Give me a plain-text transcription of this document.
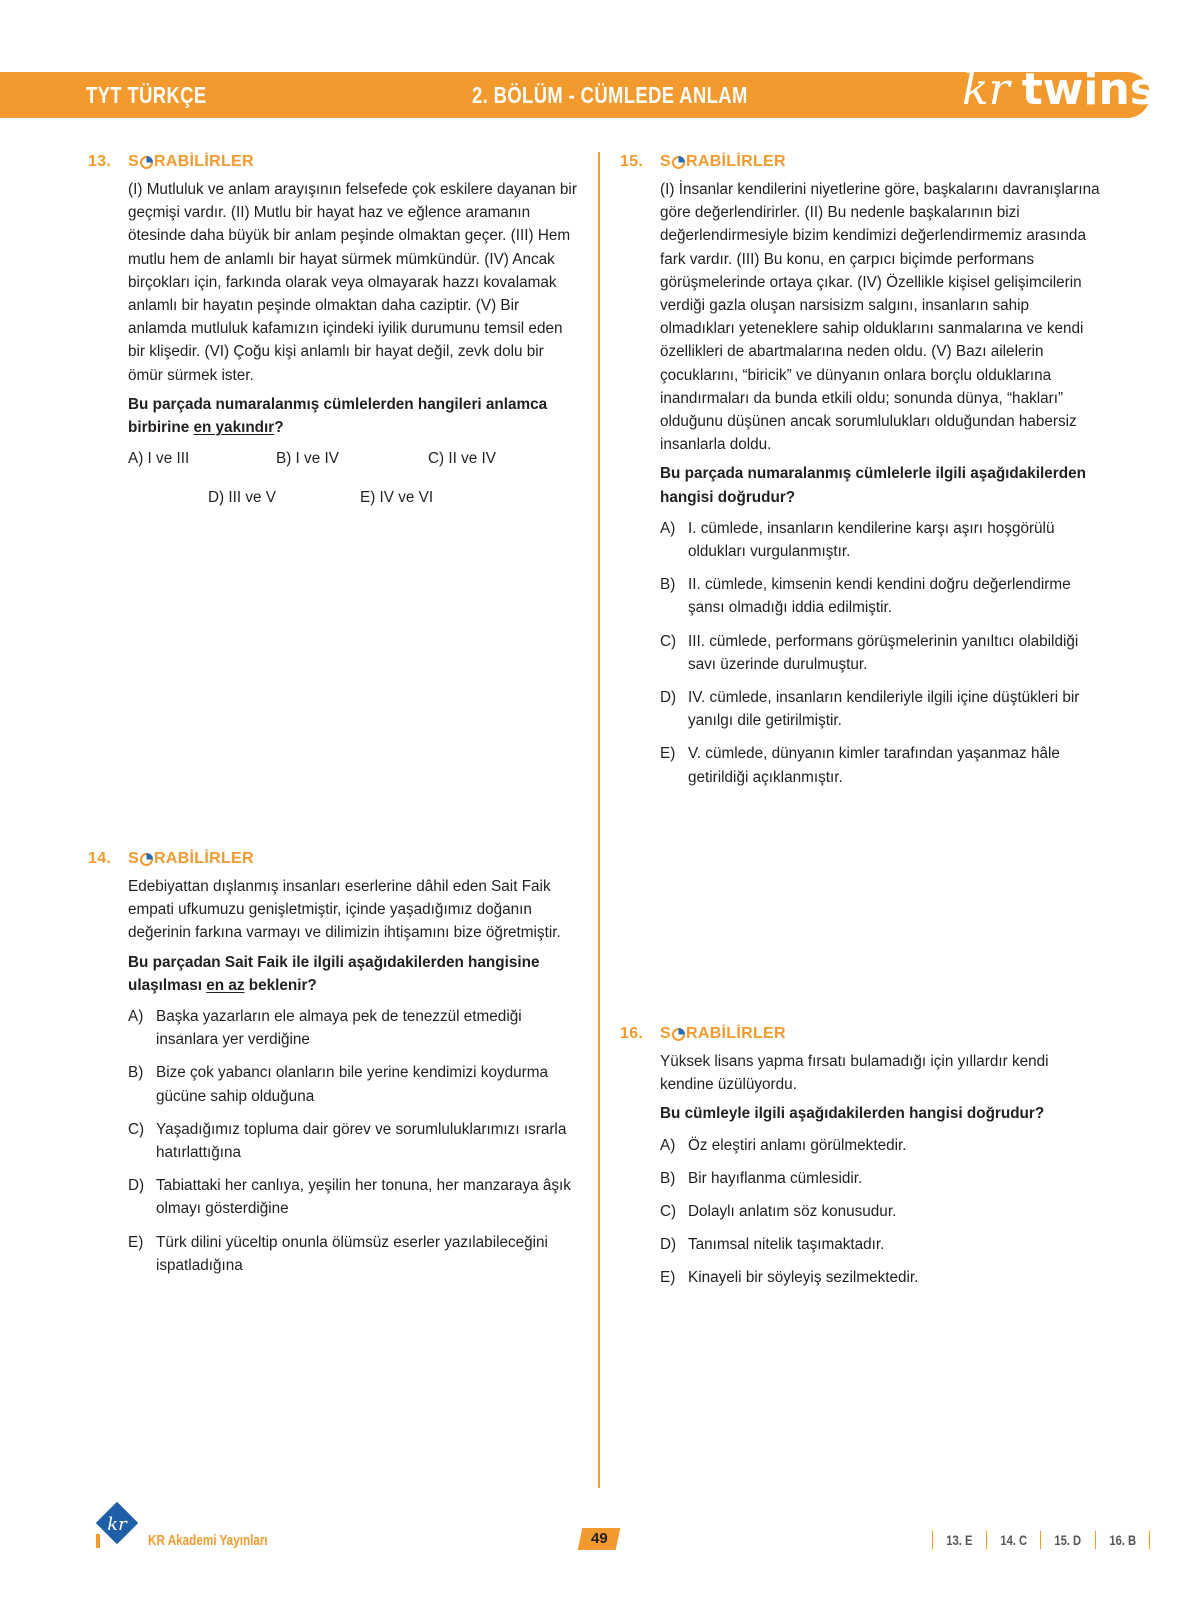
TYT TÜRKÇE	2. BÖLÜM - CÜMLEDE ANLAM	kr twins
13.	S RABİLİRLER

(I) Mutluluk ve anlam arayışının felsefede çok eskilere dayanan bir geçmişi vardır. (II) Mutlu bir hayat haz ve eğlence aramanın ötesinde daha büyük bir anlam peşinde olmaktan geçer. (III) Hem mutlu hem de anlamlı bir hayat sürmek mümkündür. (IV) Ancak birçokları için, farkında olarak veya olmayarak hazzı kovalamak anlamlı bir hayatın peşinde olmaktan daha caziptir. (V) Bir anlamda mutluluk kafamızın içindeki iyilik durumunu temsil eden bir klişedir. (VI) Çoğu kişi anlamlı bir hayat değil, zevk dolu bir ömür sürmek ister.

Bu parçada numaralanmış cümlelerden hangileri anlamca birbirine en yakındır?

A) I ve III	B) I ve IV	C) II ve IV
D) III ve V	E) IV ve VI
14.	S RABİLİRLER

Edebiyattan dışlanmış insanları eserlerine dâhil eden Sait Faik empati ufkumuzu genişletmiştir, içinde yaşadığımız doğanın değerinin farkına varmayı ve dilimizin ihtişamını bize öğretmiştir.

Bu parçadan Sait Faik ile ilgili aşağıdakilerden hangisine ulaşılması en az beklenir?

A) Başka yazarların ele almaya pek de tenezzül etmediği insanlara yer verdiğine
B) Bize çok yabancı olanların bile yerine kendimizi koydurma gücüne sahip olduğuna
C) Yaşadığımız topluma dair görev ve sorumluluklarımızı ısrarla hatırlattığına
D) Tabiattaki her canlıya, yeşilin her tonuna, her manzaraya âşık olmayı gösterdiğine
E) Türk dilini yüceltip onunla ölümsüz eserler yazılabileceğini ispatladığına
15.	S RABİLİRLER

(I) İnsanlar kendilerini niyetlerine göre, başkalarını davranışlarına göre değerlendirirler. (II) Bu nedenle başkalarının bizi değerlendirmesiyle bizim kendimizi değerlendirmemiz arasında fark vardır. (III) Bu konu, en çarpıcı biçimde performans görüşmelerinde ortaya çıkar. (IV) Özellikle kişisel gelişimcilerin verdiği gazla oluşan narsisizm salgını, insanların sahip olmadıkları yeteneklere sahip olduklarını sanmalarına ve kendi özellikleri de abartmalarına neden oldu. (V) Bazı ailelerin çocuklarını, “biricik” ve dünyanın onlara borçlu olduklarına inandırmaları da bunda etkili oldu; sonunda dünya, “hakları” olduğunu düşünen ancak sorumlulukları olduğundan habersiz insanlarla doldu.

Bu parçada numaralanmış cümlelerle ilgili aşağıdakilerden hangisi doğrudur?

A) I. cümlede, insanların kendilerine karşı aşırı hoşgörülü oldukları vurgulanmıştır.
B) II. cümlede, kimsenin kendi kendini doğru değerlendirme şansı olmadığı iddia edilmiştir.
C) III. cümlede, performans görüşmelerinin yanıltıcı olabildiği savı üzerinde durulmuştur.
D) IV. cümlede, insanların kendileriyle ilgili içine düştükleri bir yanılgı dile getirilmiştir.
E) V. cümlede, dünyanın kimler tarafından yaşanmaz hâle getirildiği açıklanmıştır.
16.	S RABİLİRLER

Yüksek lisans yapma fırsatı bulamadığı için yıllardır kendi kendine üzülüyordu.

Bu cümleyle ilgili aşağıdakilerden hangisi doğrudur?

A) Öz eleştiri anlamı görülmektedir.
B) Bir hayıflanma cümlesidir.
C) Dolaylı anlatım söz konusudur.
D) Tanımsal nitelik taşımaktadır.
E) Kinayeli bir söyleyiş sezilmektedir.
kr
KR Akademi Yayınları	49	13. E	14. C	15. D	16. B
